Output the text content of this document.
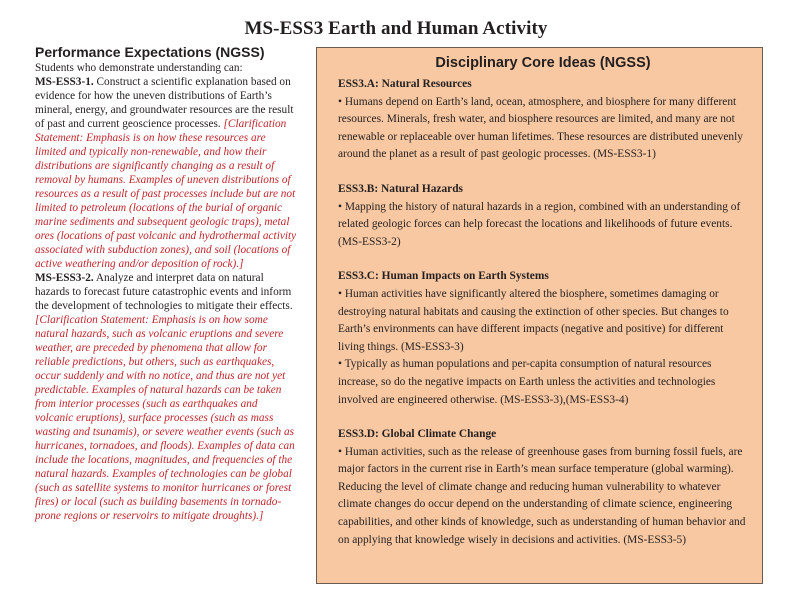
MS-ESS3 Earth and Human Activity
Performance Expectations (NGSS)

Students who demonstrate understanding can:

MS-ESS3-1. Construct a scientific explanation based on evidence for how the uneven distributions of Earth’s mineral, energy, and groundwater resources are the result of past and current geoscience processes. [Clarification Statement: Emphasis is on how these resources are limited and typically non-renewable, and how their distributions are significantly changing as a result of removal by humans. Examples of uneven distributions of resources as a result of past processes include but are not limited to petroleum (locations of the burial of organic marine sediments and subsequent geologic traps), metal ores (locations of past volcanic and hydrothermal activity associated with subduction zones), and soil (locations of active weathering and/or deposition of rock).]

MS-ESS3-2. Analyze and interpret data on natural hazards to forecast future catastrophic events and inform the development of technologies to mitigate their effects. [Clarification Statement: Emphasis is on how some natural hazards, such as volcanic eruptions and severe weather, are preceded by phenomena that allow for reliable predictions, but others, such as earthquakes, occur suddenly and with no notice, and thus are not yet predictable. Examples of natural hazards can be taken from interior processes (such as earthquakes and volcanic eruptions), surface processes (such as mass wasting and tsunamis), or severe weather events (such as hurricanes, tornadoes, and floods). Examples of data can include the locations, magnitudes, and frequencies of the natural hazards. Examples of technologies can be global (such as satellite systems to monitor hurricanes or forest fires) or local (such as building basements in tornado-prone regions or reservoirs to mitigate droughts).]

Disciplinary Core Ideas (NGSS)

ESS3.A: Natural Resources

• Humans depend on Earth’s land, ocean, atmosphere, and biosphere for many different resources. Minerals, fresh water, and biosphere resources are limited, and many are not renewable or replaceable over human lifetimes. These resources are distributed unevenly around the planet as a result of past geologic processes. (MS-ESS3-1)

ESS3.B: Natural Hazards

• Mapping the history of natural hazards in a region, combined with an understanding of related geologic forces can help forecast the locations and likelihoods of future events. (MS-ESS3-2)

ESS3.C: Human Impacts on Earth Systems

• Human activities have significantly altered the biosphere, sometimes damaging or destroying natural habitats and causing the extinction of other species. But changes to Earth’s environments can have different impacts (negative and positive) for different living things. (MS-ESS3-3)

• Typically as human populations and per-capita consumption of natural resources increase, so do the negative impacts on Earth unless the activities and technologies involved are engineered otherwise. (MS-ESS3-3),(MS-ESS3-4)

ESS3.D: Global Climate Change

• Human activities, such as the release of greenhouse gases from burning fossil fuels, are major factors in the current rise in Earth’s mean surface temperature (global warming). Reducing the level of climate change and reducing human vulnerability to whatever climate changes do occur depend on the understanding of climate science, engineering capabilities, and other kinds of knowledge, such as understanding of human behavior and on applying that knowledge wisely in decisions and activities. (MS-ESS3-5)
